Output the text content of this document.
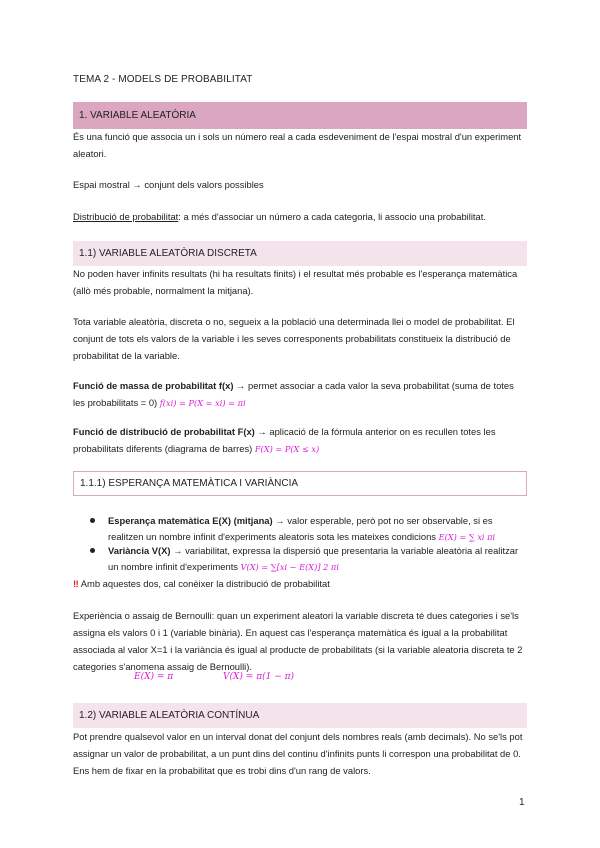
TEMA 2 - MODELS DE PROBABILITAT
1. VARIABLE ALEATÒRIA

És una funció que associa un i sols un número real a cada esdeveniment de l'espai mostral d'un experiment aleatori.

Espai mostral → conjunt dels valors possibles

Distribució de probabilitat: a més d'associar un número a cada categoria, li associo una probabilitat.

1.1) VARIABLE ALEATÒRIA DISCRETA

No poden haver infinits resultats (hi ha resultats finits) i el resultat més probable es l'esperança matemàtica (allò més probable, normalment la mitjana).

Tota variable aleatòria, discreta o no, segueix a la població una determinada llei o model de probabilitat. El conjunt de tots els valors de la variable i les seves corresponents probabilitats constitueix la distribució de probabilitat de la variable.

Funció de massa de probabilitat f(x) → permet associar a cada valor la seva probabilitat (suma de totes les probabilitats = 0) f(xi) = P(X = xi) = πi

Funció de distribució de probabilitat F(x) → aplicació de la fórmula anterior on es recullen totes les probabilitats diferents (diagrama de barres) F(X) = P(X ≤ x)

1.1.1) ESPERANÇA MATEMÀTICA I VARIÀNCIA
Esperança matemàtica E(X) (mitjana) → valor esperable, però pot no ser observable, si es realitzen un nombre infinit d'experiments aleatoris sota les mateixes condicions E(X) = ∑ xi πi
Variància V(X) → variabilitat, expressa la dispersió que presentaria la variable aleatòria al realitzar un nombre infinit d'experiments V(X) = ∑[xi − E(X)] 2 πi

‼ Amb aquestes dos, cal conèixer la distribució de probabilitat

Experiència o assaig de Bernoulli: quan un experiment aleatori la variable discreta té dues categories i se'ls assigna els valors 0 i 1 (variable binària). En aquest cas l'esperança matemàtica és igual a la probabilitat associada al valor X=1 i la variància és igual al producte de probabilitats (si la variable aleatoria discreta te 2 categories s'anomena assaig de Bernoulli).

E(X) = π	V(X) = π(1 − π)
1.2) VARIABLE ALEATÒRIA CONTÍNUA

Pot prendre qualsevol valor en un interval donat del conjunt dels nombres reals (amb decimals). No se'ls pot assignar un valor de probabilitat, a un punt dins del continu d'infinits punts li correspon una probabilitat de 0. Ens hem de fixar en la probabilitat que es trobi dins d'un rang de valors.

1
